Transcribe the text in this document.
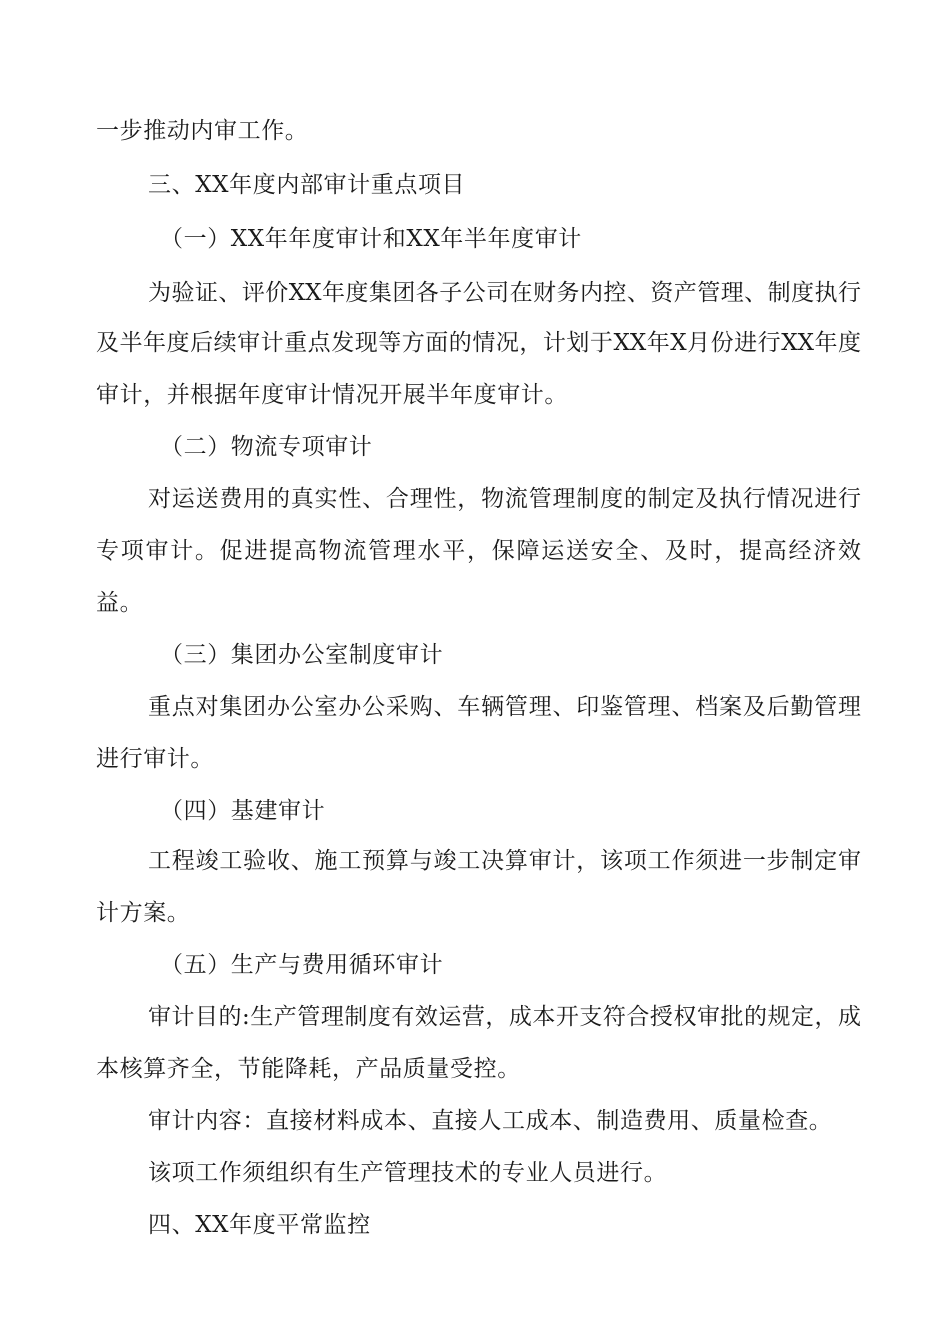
一步推动内审工作。

三、XX年度内部审计重点项目

（一）XX年年度审计和XX年半年度审计

为验证、评价XX年度集团各子公司在财务内控、资产管理、制度执行

及半年度后续审计重点发现等方面的情况，计划于XX年X月份进行XX年度

审计，并根据年度审计情况开展半年度审计。

（二）物流专项审计

对运送费用的真实性、合理性，物流管理制度的制定及执行情况进行

专项审计。促进提高物流管理水平，保障运送安全、及时，提高经济效

益。

（三）集团办公室制度审计

重点对集团办公室办公采购、车辆管理、印鉴管理、档案及后勤管理

进行审计。

（四）基建审计

工程竣工验收、施工预算与竣工决算审计，该项工作须进一步制定审

计方案。

（五）生产与费用循环审计

审计目的:生产管理制度有效运营，成本开支符合授权审批的规定，成

本核算齐全，节能降耗，产品质量受控。

审计内容：直接材料成本、直接人工成本、制造费用、质量检查。

该项工作须组织有生产管理技术的专业人员进行。

四、XX年度平常监控
